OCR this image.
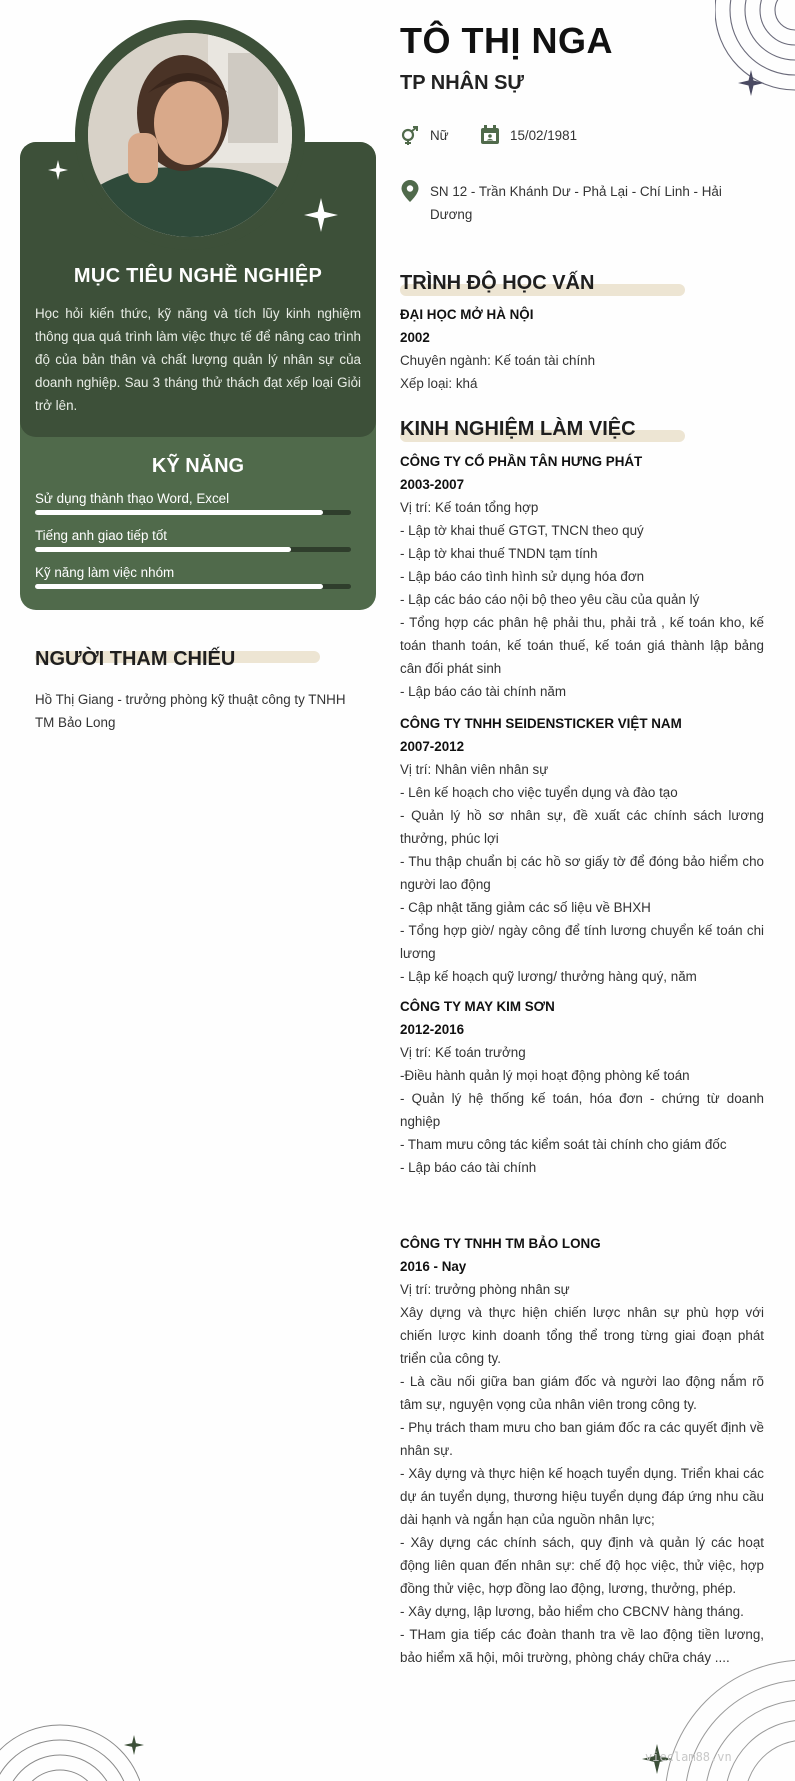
MỤC TIÊU NGHỀ NGHIỆP
Học hỏi kiến thức, kỹ năng và tích lũy kinh nghiệm thông qua quá trình làm việc thực tế để nâng cao trình độ của bản thân và chất lượng quản lý nhân sự của doanh nghiệp. Sau 3 tháng thử thách đạt xếp loại Giỏi trở lên.
KỸ NĂNG
Sử dụng thành thạo Word, Excel
Tiếng anh giao tiếp tốt
Kỹ năng làm việc nhóm
NGƯỜI THAM CHIẾU
Hồ Thị Giang - trưởng phòng kỹ thuật công ty TNHH TM Bảo Long
TÔ THỊ NGA
TP NHÂN SỰ
Nữ	15/02/1981
SN 12 - Trần Khánh Dư - Phả Lại - Chí Linh - Hải Dương
TRÌNH ĐỘ HỌC VẤN
ĐẠI HỌC MỞ HÀ NỘI
2002
Chuyên ngành: Kế toán tài chính
Xếp loại: khá
KINH NGHIỆM LÀM VIỆC
CÔNG TY CỔ PHẦN TÂN HƯNG PHÁT
2003-2007
Vị trí: Kế toán tổng hợp
- Lập tờ khai thuế GTGT, TNCN theo quý
- Lập tờ khai thuế TNDN tạm tính
- Lập báo cáo tình hình sử dụng hóa đơn
- Lập các báo cáo nội bộ theo yêu cầu của quản lý
- Tổng hợp các phân hệ phải thu, phải trả , kế toán kho, kế toán thanh toán, kế toán thuế, kế toán giá thành lập bảng cân đối phát sinh
- Lập báo cáo tài chính năm
CÔNG TY TNHH SEIDENSTICKER VIỆT NAM
2007-2012
Vị trí: Nhân viên nhân sự
- Lên kế hoạch cho việc tuyển dụng và đào tạo
- Quản lý hồ sơ nhân sự, đề xuất các chính sách lương thưởng, phúc lợi
- Thu thập chuẩn bị các hồ sơ giấy tờ để đóng bảo hiểm cho người lao động
- Cập nhật tăng giảm các số liệu về BHXH
- Tổng hợp giờ/ ngày công để tính lương chuyển kế toán chi lương
- Lập kế hoạch quỹ lương/ thưởng hàng quý, năm
CÔNG TY MAY KIM SƠN
2012-2016
Vị trí: Kế toán trưởng
-Điều hành quản lý mọi hoạt động phòng kế toán
- Quản lý hệ thống kế toán, hóa đơn - chứng từ doanh nghiệp
- Tham mưu công tác kiểm soát tài chính cho giám đốc
- Lập báo cáo tài chính
CÔNG TY TNHH TM BẢO LONG
2016 - Nay
Vị trí: trưởng phòng nhân sự
Xây dựng và thực hiện chiến lược nhân sự phù hợp với chiến lược kinh doanh tổng thể trong từng giai đoạn phát triển của công ty.
- Là cầu nối giữa ban giám đốc và người lao động nắm rõ tâm sự, nguyện vọng của nhân viên trong công ty.
- Phụ trách tham mưu cho ban giám đốc ra các quyết định về nhân sự.
- Xây dựng và thực hiện kế hoạch tuyển dụng. Triển khai các dự án tuyển dụng, thương hiệu tuyển dụng đáp ứng nhu cầu dài hạnh và ngắn hạn của nguồn nhân lực;
- Xây dựng các chính sách, quy định và quản lý các hoạt động liên quan đến nhân sự: chế độ học việc, thử việc, hợp đồng thử việc, hợp đồng lao động, lương, thưởng, phép.
- Xây dựng, lập lương, bảo hiểm cho CBCNV hàng tháng.
- THam gia tiếp các đoàn thanh tra về lao động tiền lương, bảo hiểm xã hội, môi trường, phòng cháy chữa cháy ....
vieclam88.vn
